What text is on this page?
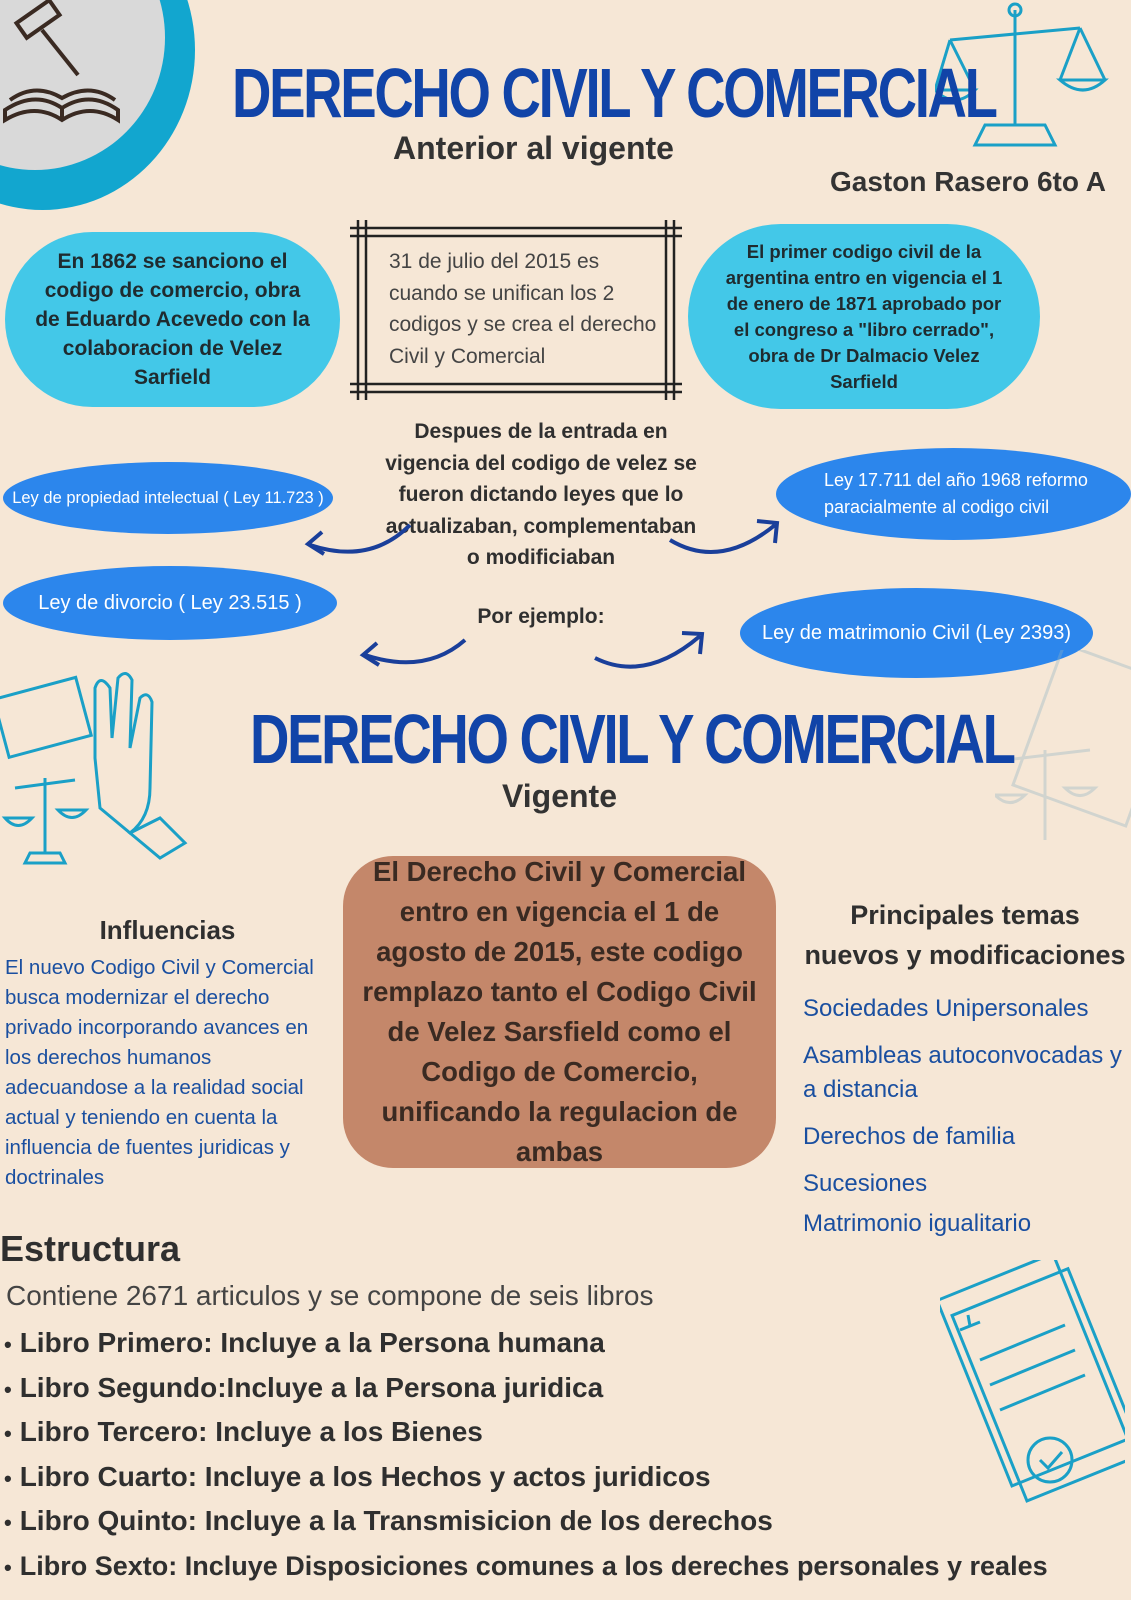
DERECHO CIVIL Y COMERCIAL
Anterior al vigente
Gaston Rasero 6to A
En 1862 se sanciono el codigo de comercio, obra de Eduardo Acevedo con la colaboracion de Velez Sarfield
31 de julio del 2015 es cuando se unifican los 2 codigos y se crea el derecho Civil y Comercial
El primer codigo civil de la argentina entro en vigencia el 1 de enero de 1871 aprobado por el congreso a "libro cerrado", obra de Dr Dalmacio Velez Sarfield
Despues de la entrada en vigencia del codigo de velez se fueron dictando leyes que lo actualizaban, complementaban o modificiaban
Por ejemplo:
Ley de propiedad intelectual ( Ley 11.723 )
Ley 17.711 del año 1968 reformo paracialmente al codigo civil
Ley de divorcio ( Ley 23.515 )
Ley de matrimonio Civil (Ley 2393)
DERECHO CIVIL Y COMERCIAL
Vigente
El Derecho Civil y Comercial entro en vigencia el 1 de agosto de 2015, este codigo remplazo tanto el Codigo Civil de Velez Sarsfield como el Codigo de Comercio, unificando la regulacion de ambas
Influencias
El nuevo Codigo Civil y Comercial busca modernizar el derecho privado incorporando avances en los derechos humanos adecuandose a la realidad social actual y teniendo en cuenta la influencia de fuentes juridicas y doctrinales
Principales temas nuevos y modificaciones
Sociedades Unipersonales
Asambleas autoconvocadas y a distancia
Derechos de familia
Sucesiones
Matrimonio igualitario
Estructura
Contiene 2671 articulos y se compone de seis libros
• Libro Primero: Incluye a la Persona humana
• Libro Segundo:Incluye a la Persona juridica
• Libro Tercero: Incluye a los Bienes
• Libro Cuarto: Incluye a los Hechos y actos juridicos
• Libro Quinto: Incluye a la Transmisicion de los derechos
• Libro Sexto: Incluye Disposiciones comunes a los dereches personales y reales
